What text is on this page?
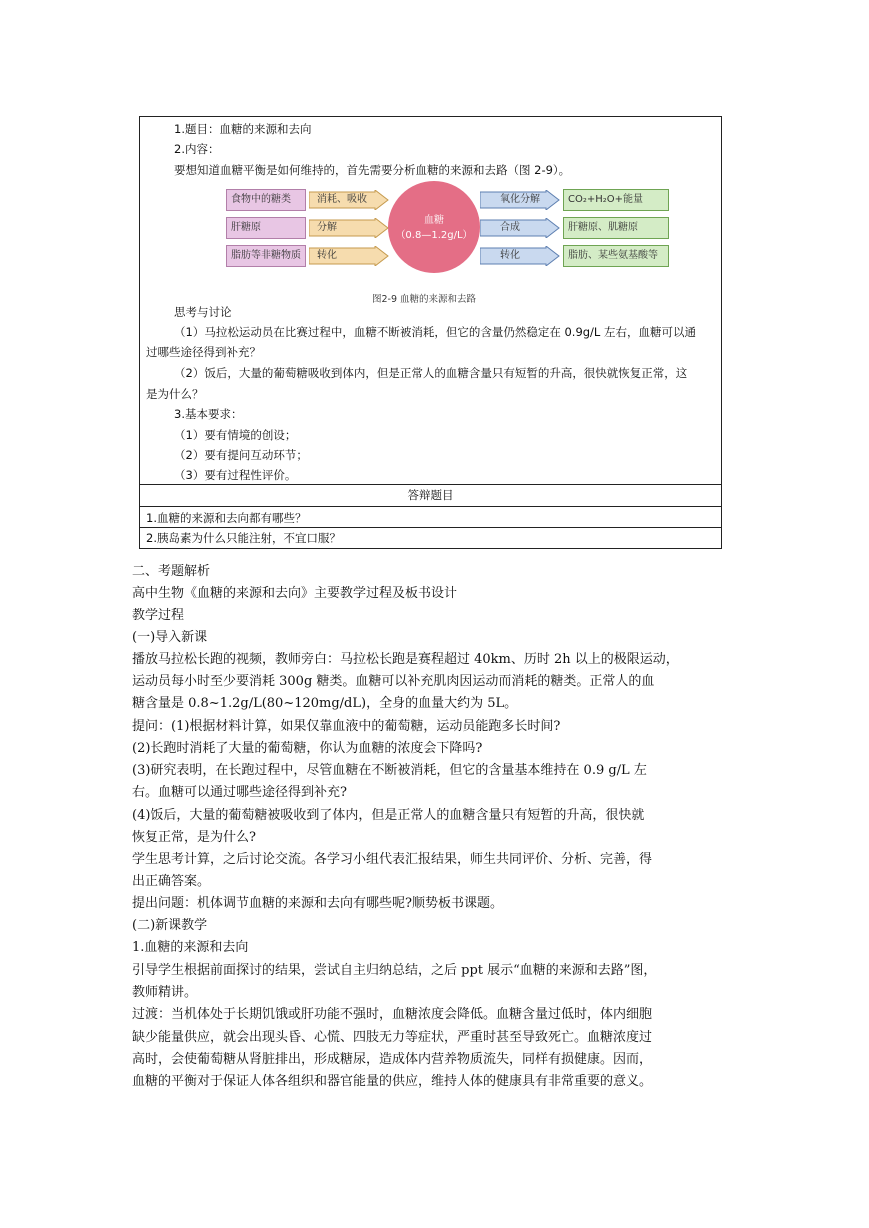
1.题目：血糖的来源和去向
2.内容：
要想知道血糖平衡是如何维持的，首先需要分析血糖的来源和去路（图 2-9）。
食物中的糖类
肝糖原
脂肪等非糖物质
消耗、吸收
分解
转化
血糖
（0.8—1.2g/L）
氧化分解
合成
转化
CO₂+H₂O+能量
肝糖原、肌糖原
脂肪、某些氨基酸等
图2-9 血糖的来源和去路
思考与讨论
（1）马拉松运动员在比赛过程中，血糖不断被消耗，但它的含量仍然稳定在 0.9g/L 左右，血糖可以通
过哪些途径得到补充？
（2）饭后，大量的葡萄糖吸收到体内，但是正常人的血糖含量只有短暂的升高，很快就恢复正常，这
是为什么？
3.基本要求：
（1）要有情境的创设；
（2）要有提问互动环节；
（3）要有过程性评价。
答辩题目
1.血糖的来源和去向都有哪些？
2.胰岛素为什么只能注射，不宜口服？
二、考题解析
高中生物《血糖的来源和去向》主要教学过程及板书设计
教学过程
(一)导入新课
播放马拉松长跑的视频，教师旁白：马拉松长跑是赛程超过 40km、历时 2h 以上的极限运动，
运动员每小时至少要消耗 300g 糖类。血糖可以补充肌肉因运动而消耗的糖类。正常人的血
糖含量是 0.8~1.2g/L(80~120mg/dL)，全身的血量大约为 5L。
提问：(1)根据材料计算，如果仅靠血液中的葡萄糖，运动员能跑多长时间?
(2)长跑时消耗了大量的葡萄糖，你认为血糖的浓度会下降吗?
(3)研究表明，在长跑过程中，尽管血糖在不断被消耗，但它的含量基本维持在 0.9 g/L 左
右。血糖可以通过哪些途径得到补充?
(4)饭后，大量的葡萄糖被吸收到了体内，但是正常人的血糖含量只有短暂的升高，很快就
恢复正常，是为什么?
学生思考计算，之后讨论交流。各学习小组代表汇报结果，师生共同评价、分析、完善，得
出正确答案。
提出问题：机体调节血糖的来源和去向有哪些呢?顺势板书课题。
(二)新课教学
1.血糖的来源和去向
引导学生根据前面探讨的结果，尝试自主归纳总结，之后 ppt 展示“血糖的来源和去路”图，
教师精讲。
过渡：当机体处于长期饥饿或肝功能不强时，血糖浓度会降低。血糖含量过低时，体内细胞
缺少能量供应，就会出现头昏、心慌、四肢无力等症状，严重时甚至导致死亡。血糖浓度过
高时，会使葡萄糖从肾脏排出，形成糖尿，造成体内营养物质流失，同样有损健康。因而，
血糖的平衡对于保证人体各组织和器官能量的供应，维持人体的健康具有非常重要的意义。
